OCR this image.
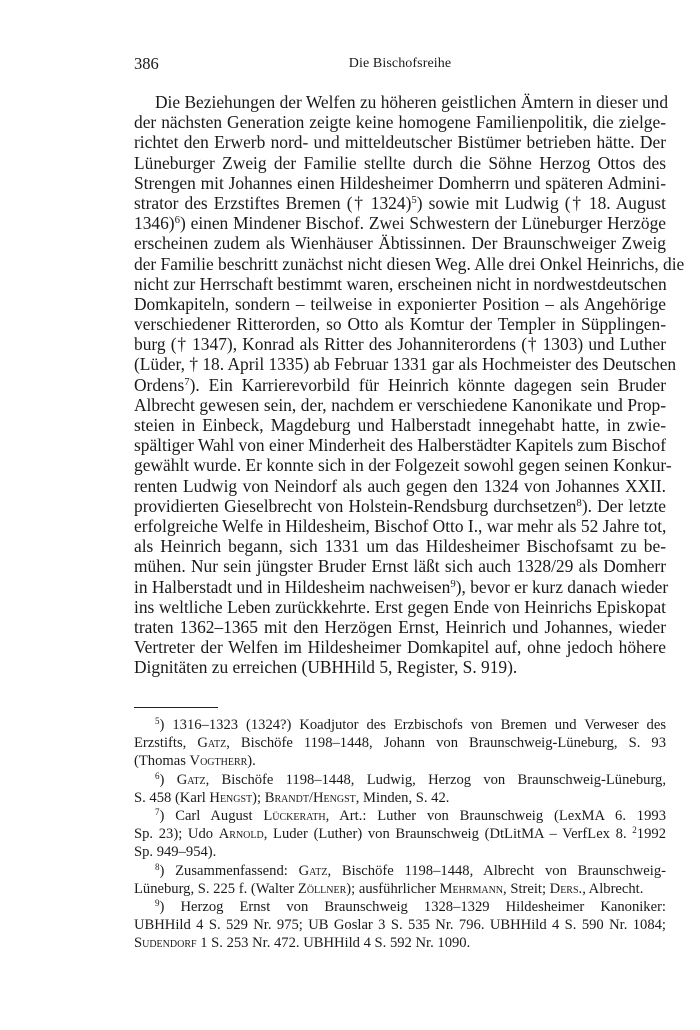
386	Die Bischofsreihe
Die Beziehungen der Welfen zu höheren geistlichen Ämtern in dieser und
der nächsten Generation zeigte keine homogene Familienpolitik, die zielge-
richtet den Erwerb nord- und mitteldeutscher Bistümer betrieben hätte. Der
Lüneburger Zweig der Familie stellte durch die Söhne Herzog Ottos des
Strengen mit Johannes einen Hildesheimer Domherrn und späteren Admini-
strator des Erzstiftes Bremen († 1324)$^5$) sowie mit Ludwig († 18. August
1346)$^6$) einen Mindener Bischof. Zwei Schwestern der Lüneburger Herzöge
erscheinen zudem als Wienhäuser Äbtissinnen. Der Braunschweiger Zweig
der Familie beschritt zunächst nicht diesen Weg. Alle drei Onkel Heinrichs, die
nicht zur Herrschaft bestimmt waren, erscheinen nicht in nordwestdeutschen
Domkapiteln, sondern – teilweise in exponierter Position – als Angehörige
verschiedener Ritterorden, so Otto als Komtur der Templer in Süpplingen-
burg († 1347), Konrad als Ritter des Johanniterordens († 1303) und Luther
(Lüder, † 18. April 1335) ab Februar 1331 gar als Hochmeister des Deutschen
Ordens$^7$). Ein Karrierevorbild für Heinrich könnte dagegen sein Bruder
Albrecht gewesen sein, der, nachdem er verschiedene Kanonikate und Prop-
steien in Einbeck, Magdeburg und Halberstadt innegehabt hatte, in zwie-
spältiger Wahl von einer Minderheit des Halberstädter Kapitels zum Bischof
gewählt wurde. Er konnte sich in der Folgezeit sowohl gegen seinen Konkur-
renten Ludwig von Neindorf als auch gegen den 1324 von Johannes XXII.
providierten Gieselbrecht von Holstein-Rendsburg durchsetzen$^8$). Der letzte
erfolgreiche Welfe in Hildesheim, Bischof Otto I., war mehr als 52 Jahre tot,
als Heinrich begann, sich 1331 um das Hildesheimer Bischofsamt zu be-
mühen. Nur sein jüngster Bruder Ernst läßt sich auch 1328/29 als Domherr
in Halberstadt und in Hildesheim nachweisen$^9$), bevor er kurz danach wieder
ins weltliche Leben zurückkehrte. Erst gegen Ende von Heinrichs Episkopat
traten 1362–1365 mit den Herzögen Ernst, Heinrich und Johannes, wieder
Vertreter der Welfen im Hildesheimer Domkapitel auf, ohne jedoch höhere
Dignitäten zu erreichen (UBHHild 5, Register, S. 919).
$^5$) 1316–1323 (1324?) Koadjutor des Erzbischofs von Bremen und Verweser des
Erzstifts, Gatz, Bischöfe 1198–1448, Johann von Braunschweig-Lüneburg, S. 93
(Thomas Vogtherr).
$^6$) Gatz, Bischöfe 1198–1448, Ludwig, Herzog von Braunschweig-Lüneburg,
S. 458 (Karl Hengst); Brandt/Hengst, Minden, S. 42.
$^7$) Carl August Lückerath, Art.: Luther von Braunschweig (LexMA 6. 1993
Sp. 23); Udo Arnold, Luder (Luther) von Braunschweig (DtLitMA – VerfLex 8. $^2$1992
Sp. 949–954).
$^8$) Zusammenfassend: Gatz, Bischöfe 1198–1448, Albrecht von Braunschweig-
Lüneburg, S. 225 f. (Walter Zöllner); ausführlicher Mehrmann, Streit; Ders., Albrecht.
$^9$) Herzog Ernst von Braunschweig 1328–1329 Hildesheimer Kanoniker:
UBHHild 4 S. 529 Nr. 975; UB Goslar 3 S. 535 Nr. 796. UBHHild 4 S. 590 Nr. 1084;
Sudendorf 1 S. 253 Nr. 472. UBHHild 4 S. 592 Nr. 1090.
